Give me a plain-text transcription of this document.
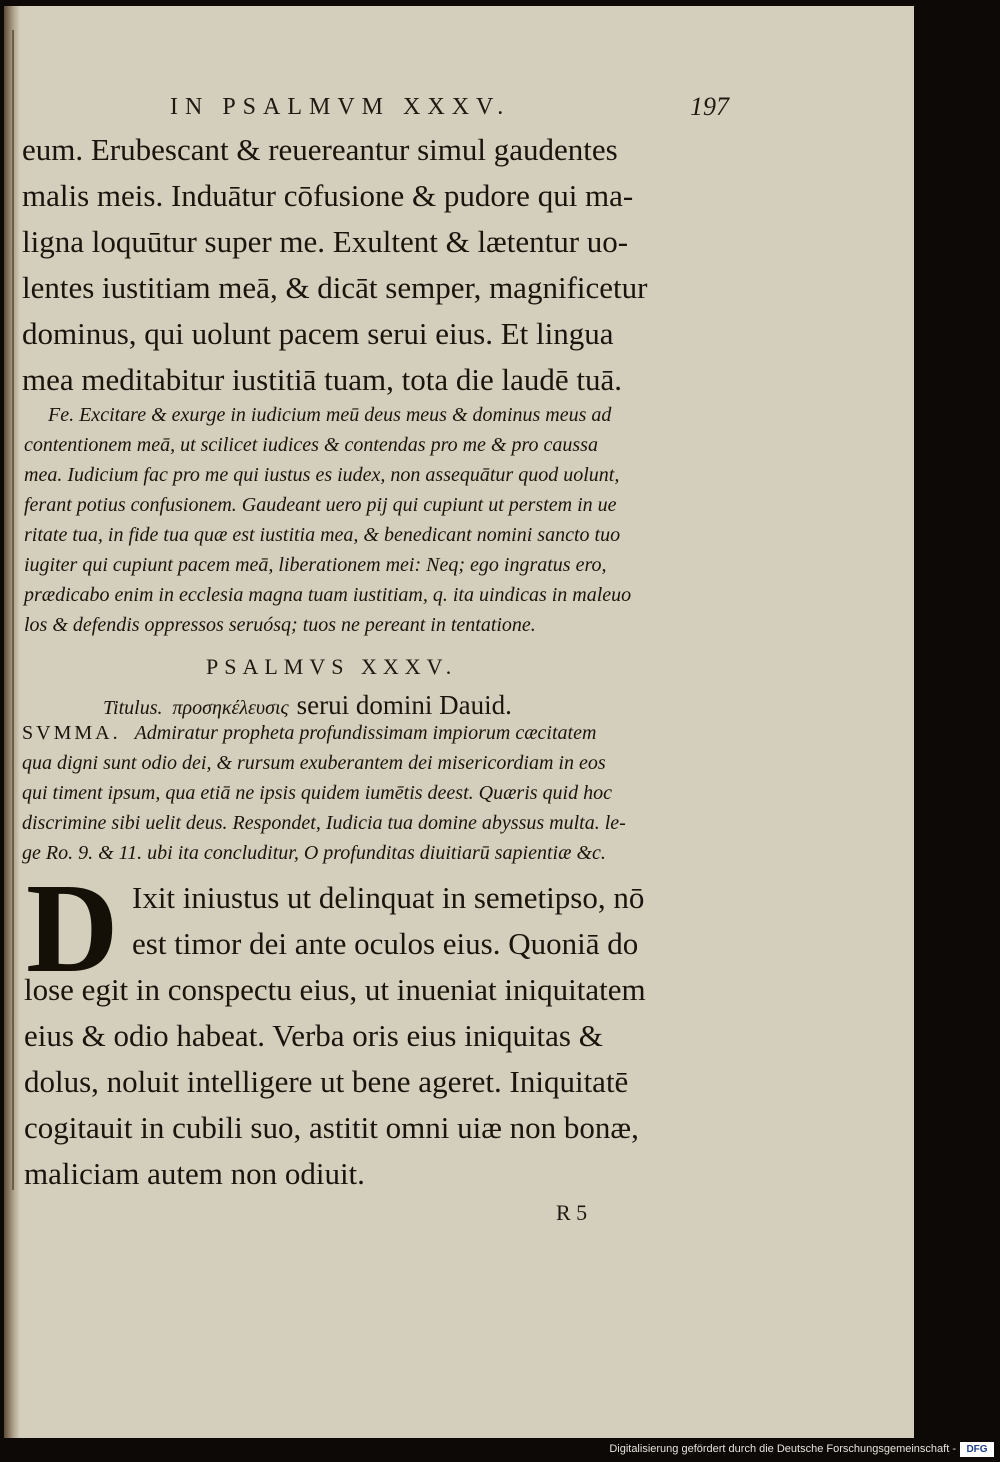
IN PSALMVM XXXV.	197
eum. Erubescant & reuereantur simul gaudentes
malis meis. Induātur cōfusione & pudore qui ma-
ligna loquūtur super me. Exultent & lætentur uo-
lentes iustitiam meā, & dicāt semper, magnificetur
dominus, qui uolunt pacem serui eius. Et lingua
mea meditabitur iustitiā tuam, tota die laudē tuā.
Fe. Excitare & exurge in iudicium meū deus meus & dominus meus ad
contentionem meā, ut scilicet iudices & contendas pro me & pro caussa
mea. Iudicium fac pro me qui iustus es iudex, non assequātur quod uolunt,
ferant potius confusionem. Gaudeant uero pij qui cupiunt ut perstem in ue
ritate tua, in fide tua quæ est iustitia mea, & benedicant nomini sancto tuo
iugiter qui cupiunt pacem meā, liberationem mei: Neq; ego ingratus ero,
prædicabo enim in ecclesia magna tuam iustitiam, q. ita uindicas in maleuo
los & defendis oppressos seruósq; tuos ne pereant in tentatione.
PSALMVS XXXV.
Titulus. προσηκέλευσις serui domini Dauid.
SVMMA. Admiratur propheta profundissimam impiorum cæcitatem
qua digni sunt odio dei, & rursum exuberantem dei misericordiam in eos
qui timent ipsum, qua etiā ne ipsis quidem iumētis deest. Quæris quid hoc
discrimine sibi uelit deus. Respondet, Iudicia tua domine abyssus multa. le-
ge Ro. 9. & 11. ubi ita concluditur, O profunditas diuitiarū sapientiæ &c.
D Ixit iniustus ut delinquat in semetipso, nō
est timor dei ante oculos eius. Quoniā do
lose egit in conspectu eius, ut inueniat iniquitatem
eius & odio habeat. Verba oris eius iniquitas &
dolus, noluit intelligere ut bene ageret. Iniquitatē
cogitauit in cubili suo, astitit omni uiæ non bonæ,
maliciam autem non odiuit.
R 5
Digitalisierung gefördert durch die Deutsche Forschungsgemeinschaft -	DFG
